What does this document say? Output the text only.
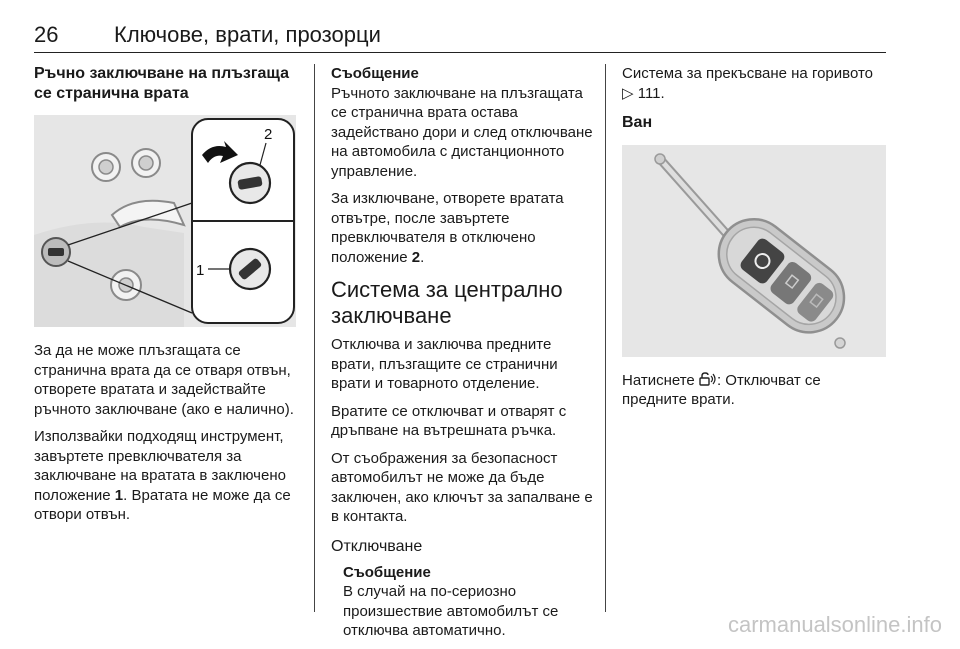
26	Ключове, врати, прозорци
Ръчно заключване на плъзгаща се странична врата
2
1

За да не може плъзгащата се странична врата да се отваря отвън, отворете вратата и задействайте ръчното заключване (ако е налично).

Използвайки подходящ инструмент, завъртете превключвателя за заключване на вратата в заключено положение 1. Вратата не може да се отвори отвън.

Съобщение

Ръчното заключване на плъзгащата се странична врата остава задействано дори и след отключване на автомобила с дистанционното управление.

За изключване, отворете вратата отвътре, после завъртете превключвателя в отключено положение 2.

Система за централно заключване

Отключва и заключва предните врати, плъзгащите се странични врати и товарното отделение.

Вратите се отключват и отварят с дръпване на вътрешната ръчка.

От съображения за безопасност автомобилът не може да бъде заключен, ако ключът за запалване е в контакта.

Отключване
Съобщение

В случай на по-сериозно произшествие автомобилът се отключва автоматично.

Система за прекъсване на горивото ▷ 111.

Ван

Натиснете : Отключват се предните врати.

carmanualsonline.info
